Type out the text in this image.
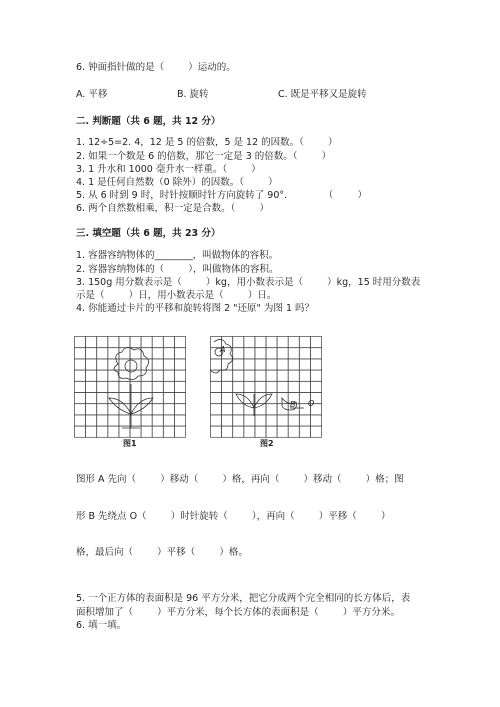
6. 钟面指针做的是（        ）运动的。
A. 平移	B. 旋转	C. 既是平移又是旋转
二. 判断题（共 6 题，共 12 分）
1. 12÷5=2. 4，12 是 5 的倍数，5 是 12 的因数。（        ）
2. 如果一个数是 6 的倍数，那它一定是 3 的倍数。（        ）
3. 1 升水和 1000 毫升水一样重。（        ）
4. 1 是任何自然数（0 除外）的因数。（        ）
5. 从 6 时到 9 时，时针按顺时针方向旋转了 90°．          （        ）
6. 两个自然数相乘，积一定是合数。（        ）
三. 填空题（共 6 题，共 23 分）
1. 容器容纳物体的________，叫做物体的容积。
2. 容器容纳物体的（        ），叫做物体的容积。
3. 150g 用分数表示是（        ）kg，用小数表示是（        ）kg，15 时用分数表
示是（        ）日，用小数表示是（        ）日。
4. 你能通过卡片的平移和旋转将图 2 "还原" 为图 1 吗？
图1
A
B O
图2
图形 A 先向（        ）移动（        ）格，再向（        ）移动（        ）格；图
形 B 先绕点 O（        ）时针旋转（        ），再向（        ）平移（        ）
格，最后向（        ）平移（        ）格。
5. 一个正方体的表面积是 96 平方分米，把它分成两个完全相同的长方体后，表
面积增加了（        ）平方分米，每个长方体的表面积是（        ）平方分米。
6. 填一填。
